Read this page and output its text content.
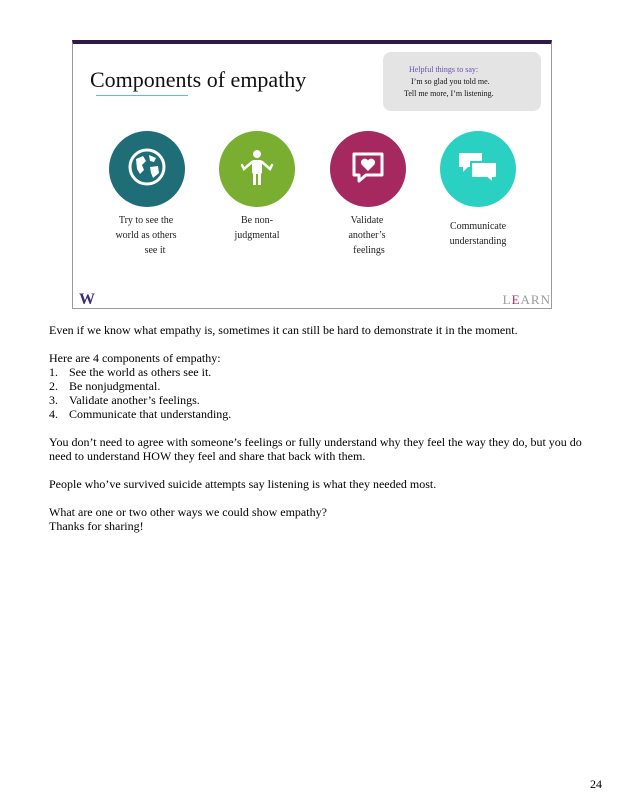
Components of empathy	Helpful things to say:
I’m so glad you told me.
Tell me more, I’m listening.
Try to see the
world as others
see it
Be non-
judgmental
Validate
another’s
feelings
Communicate
understanding
W	LEARN

Even if we know what empathy is, sometimes it can still be hard to demonstrate it in the moment.

Here are 4 components of empathy:

1. See the world as others see it.
2. Be nonjudgmental.
3. Validate another’s feelings.
4. Communicate that understanding.

You don’t need to agree with someone’s feelings or fully understand why they feel the way they do, but you do need to understand HOW they feel and share that back with them.

People who’ve survived suicide attempts say listening is what they needed most.

What are one or two other ways we could show empathy?

Thanks for sharing!

24
